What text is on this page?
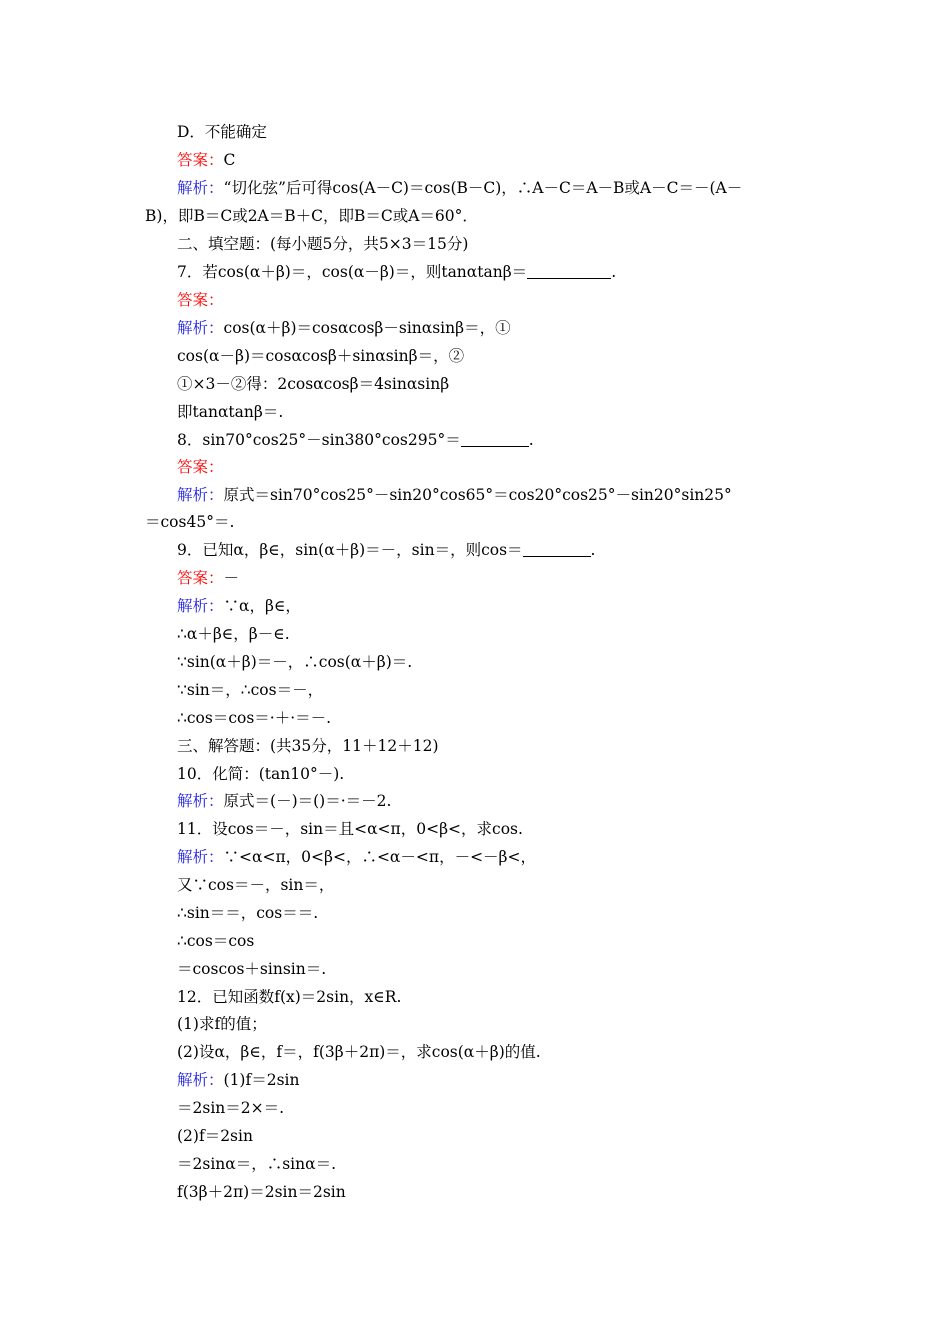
D．不能确定
答案：C
解析：“切化弦”后可得cos(A－C)＝cos(B－C)，∴A－C＝A－B或A－C＝－(A－
B)，即B＝C或2A＝B＋C，即B＝C或A＝60°．
二、填空题：(每小题5分，共5×3＝15分)
7．若cos(α＋β)＝，cos(α－β)＝，则tanαtanβ＝	.
答案：
解析：cos(α＋β)＝cosαcosβ－sinαsinβ＝，①
cos(α－β)＝cosαcosβ＋sinαsinβ＝，②
①×3－②得：2cosαcosβ＝4sinαsinβ
即tanαtanβ＝.
8．sin70°cos25°－sin380°cos295°＝	.
答案：
解析：原式＝sin70°cos25°－sin20°cos65°＝cos20°cos25°－sin20°sin25°
＝cos45°＝.
9．已知α，β∈，sin(α＋β)＝－，sin＝，则cos＝	.
答案：－
解析：∵α，β∈，
∴α＋β∈，β－∈.
∵sin(α＋β)＝－，∴cos(α＋β)＝.
∵sin＝，∴cos＝－，
∴cos＝cos＝·＋·＝－.
三、解答题：(共35分，11＋12＋12)
10．化简：(tan10°－).
解析：原式＝(－)＝()＝·＝－2.
11．设cos＝－，sin＝且<α<π，0<β<，求cos.
解析：∵<α<π，0<β<，∴<α－<π，－<－β<，
又∵cos＝－，sin＝，
∴sin＝＝，cos＝＝.
∴cos＝cos
＝coscos＋sinsin＝.
12．已知函数f(x)＝2sin，x∈R.
(1)求f的值；
(2)设α，β∈，f＝，f(3β＋2π)＝，求cos(α＋β)的值.
解析：(1)f＝2sin
＝2sin＝2×＝.
(2)f＝2sin
＝2sinα＝，∴sinα＝.
f(3β＋2π)＝2sin＝2sin
